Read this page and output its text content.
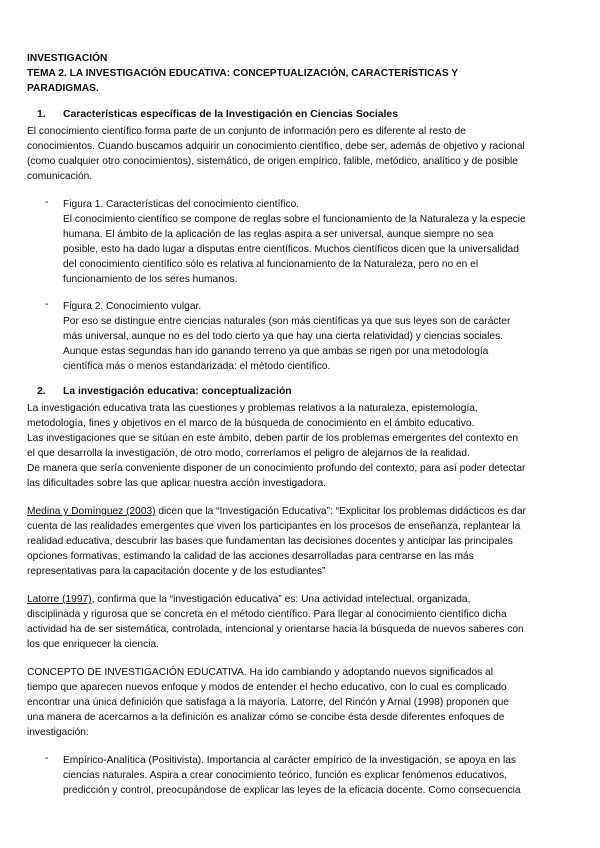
INVESTIGACIÓN
TEMA 2. LA INVESTIGACIÓN EDUCATIVA: CONCEPTUALIZACIÓN, CARACTERÍSTICAS Y
PARADIGMAS.
1. Características específicas de la Investigación en Ciencias Sociales
El conocimiento científico forma parte de un conjunto de información pero es diferente al resto de
conocimientos. Cuando buscamos adquirir un conocimiento científico, debe ser, además de objetivo y racional
(como cualquier otro conocimientos), sistemático, de origen empírico, falible, metódico, analítico y de posible
comunicación.
- Figura 1. Características del conocimiento científico.
El conocimiento científico se compone de reglas sobre el funcionamiento de la Naturaleza y la especie
humana. El ámbito de la aplicación de las reglas aspira a ser universal, aunque siempre no sea
posible, esto ha dado lugar a disputas entre científicos. Muchos científicos dicen que la universalidad
del conocimiento científico sólo es relativa al funcionamiento de la Naturaleza, pero no en el
funcionamiento de los seres humanos.
- Figura 2. Conocimiento vulgar.
Por eso se distingue entre ciencias naturales (son más científicas ya que sus leyes son de carácter
más universal, aunque no es del todo cierto ya que hay una cierta relatividad) y ciencias sociales.
Aunque estas segundas han ido ganando terreno ya que ambas se rigen por una metodología
científica más o menos estandarizada: el método científico.
2. La investigación educativa: conceptualización
La investigación educativa trata las cuestiones y problemas relativos a la naturaleza, epistemología,
metodología, fines y objetivos en el marco de la búsqueda de conocimiento en el ámbito educativo.
Las investigaciones que se sitúan en este ámbito, deben partir de los problemas emergentes del contexto en
el que desarrolla la investigación, de otro modo, correríamos el peligro de alejarnos de la realidad.
De manera que sería conveniente disponer de un conocimiento profundo del contexto, para así poder detectar
las dificultades sobre las que aplicar nuestra acción investigadora.
Medina y Domínguez (2003) dicen que la “Investigación Educativa”: “Explicitar los problemas didácticos es dar
cuenta de las realidades emergentes que viven los participantes en los procesos de enseñanza, replantear la
realidad educativa, descubrir las bases que fundamentan las decisiones docentes y anticipar las principales
opciones formativas, estimando la calidad de las acciones desarrolladas para centrarse en las más
representativas para la capacitación docente y de los estudiantes”
Latorre (1997), confirma que la “investigación educativa” es: Una actividad intelectual, organizada,
disciplinada y rigurosa que se concreta en el método científico. Para llegar al conocimiento científico dicha
actividad ha de ser sistemática, controlada, intencional y orientarse hacia la búsqueda de nuevos saberes con
los que enriquecer la ciencia.
CONCEPTO DE INVESTIGACIÓN EDUCATIVA. Ha ido cambiando y adoptando nuevos significados al
tiempo que aparecen nuevos enfoque y modos de entender el hecho educativo, con lo cual es complicado
encontrar una única definición que satisfaga a la mayoría. Latorre, del Rincón y Arnal (1998) proponen que
una manera de acercarnos a la definición es analizar cómo se concibe ésta desde diferentes enfoques de
investigación:
- Empírico-Analítica (Positivista). Importancia al carácter empírico de la investigación, se apoya en las
ciencias naturales. Aspira a crear conocimiento teórico, función es explicar fenómenos educativos,
predicción y control, preocupándose de explicar las leyes de la eficacia docente. Como consecuencia
